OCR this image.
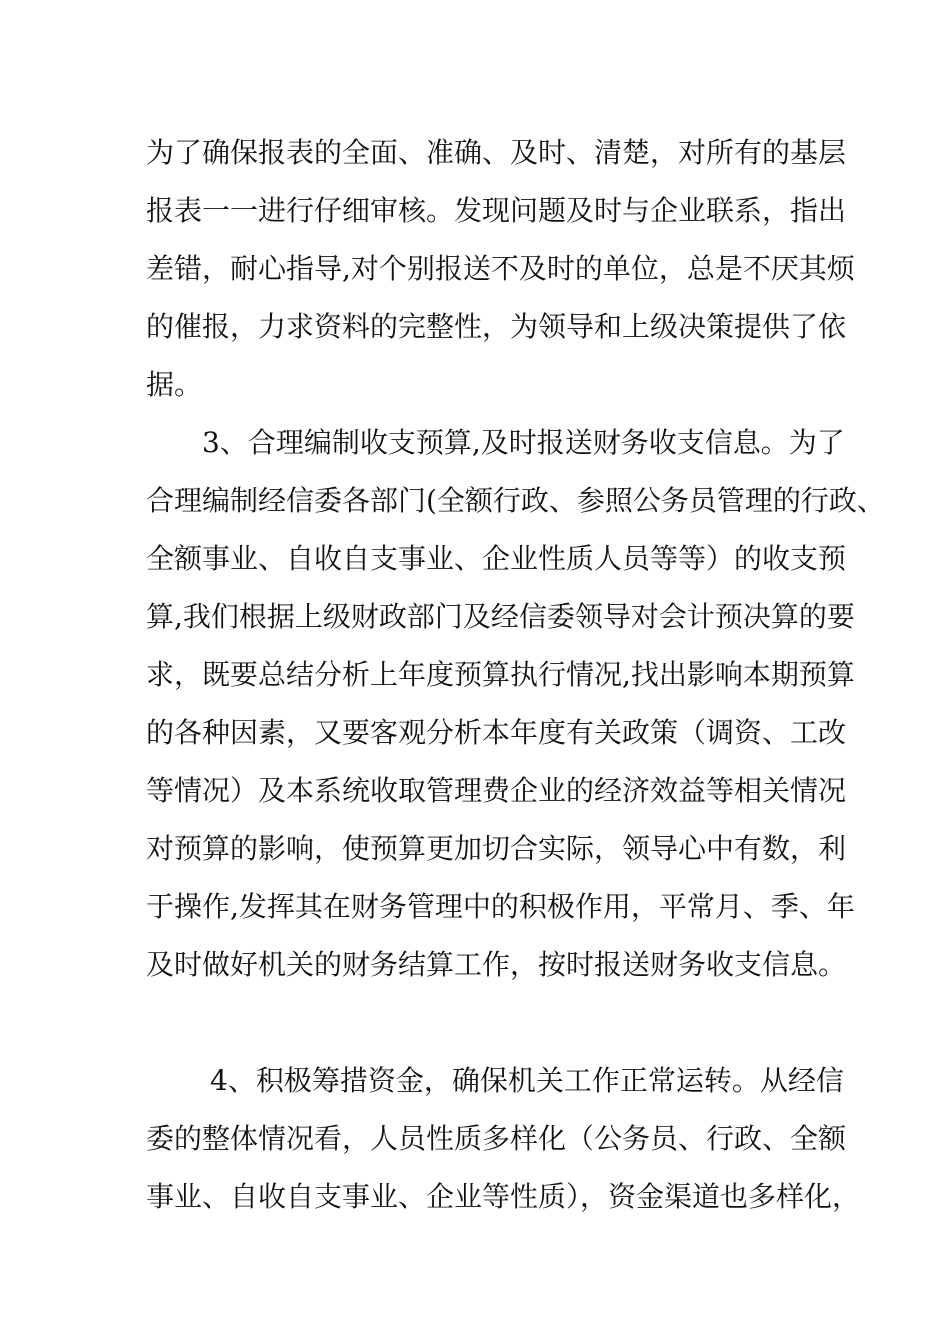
为了确保报表的全面、准确、及时、清楚，对所有的基层
报表一一进行仔细审核。发现问题及时与企业联系，指出
差错，耐心指导,对个别报送不及时的单位，总是不厌其烦
的催报，力求资料的完整性，为领导和上级决策提供了依
据。
3、合理编制收支预算,及时报送财务收支信息。为了
合理编制经信委各部门(全额行政、参照公务员管理的行政、
全额事业、自收自支事业、企业性质人员等等）的收支预
算,我们根据上级财政部门及经信委领导对会计预决算的要
求，既要总结分析上年度预算执行情况,找出影响本期预算
的各种因素，又要客观分析本年度有关政策（调资、工改
等情况）及本系统收取管理费企业的经济效益等相关情况
对预算的影响，使预算更加切合实际，领导心中有数，利
于操作,发挥其在财务管理中的积极作用，平常月、季、年
及时做好机关的财务结算工作，按时报送财务收支信息。
4、积极筹措资金，确保机关工作正常运转。从经信
委的整体情况看，人员性质多样化（公务员、行政、全额
事业、自收自支事业、企业等性质），资金渠道也多样化，
